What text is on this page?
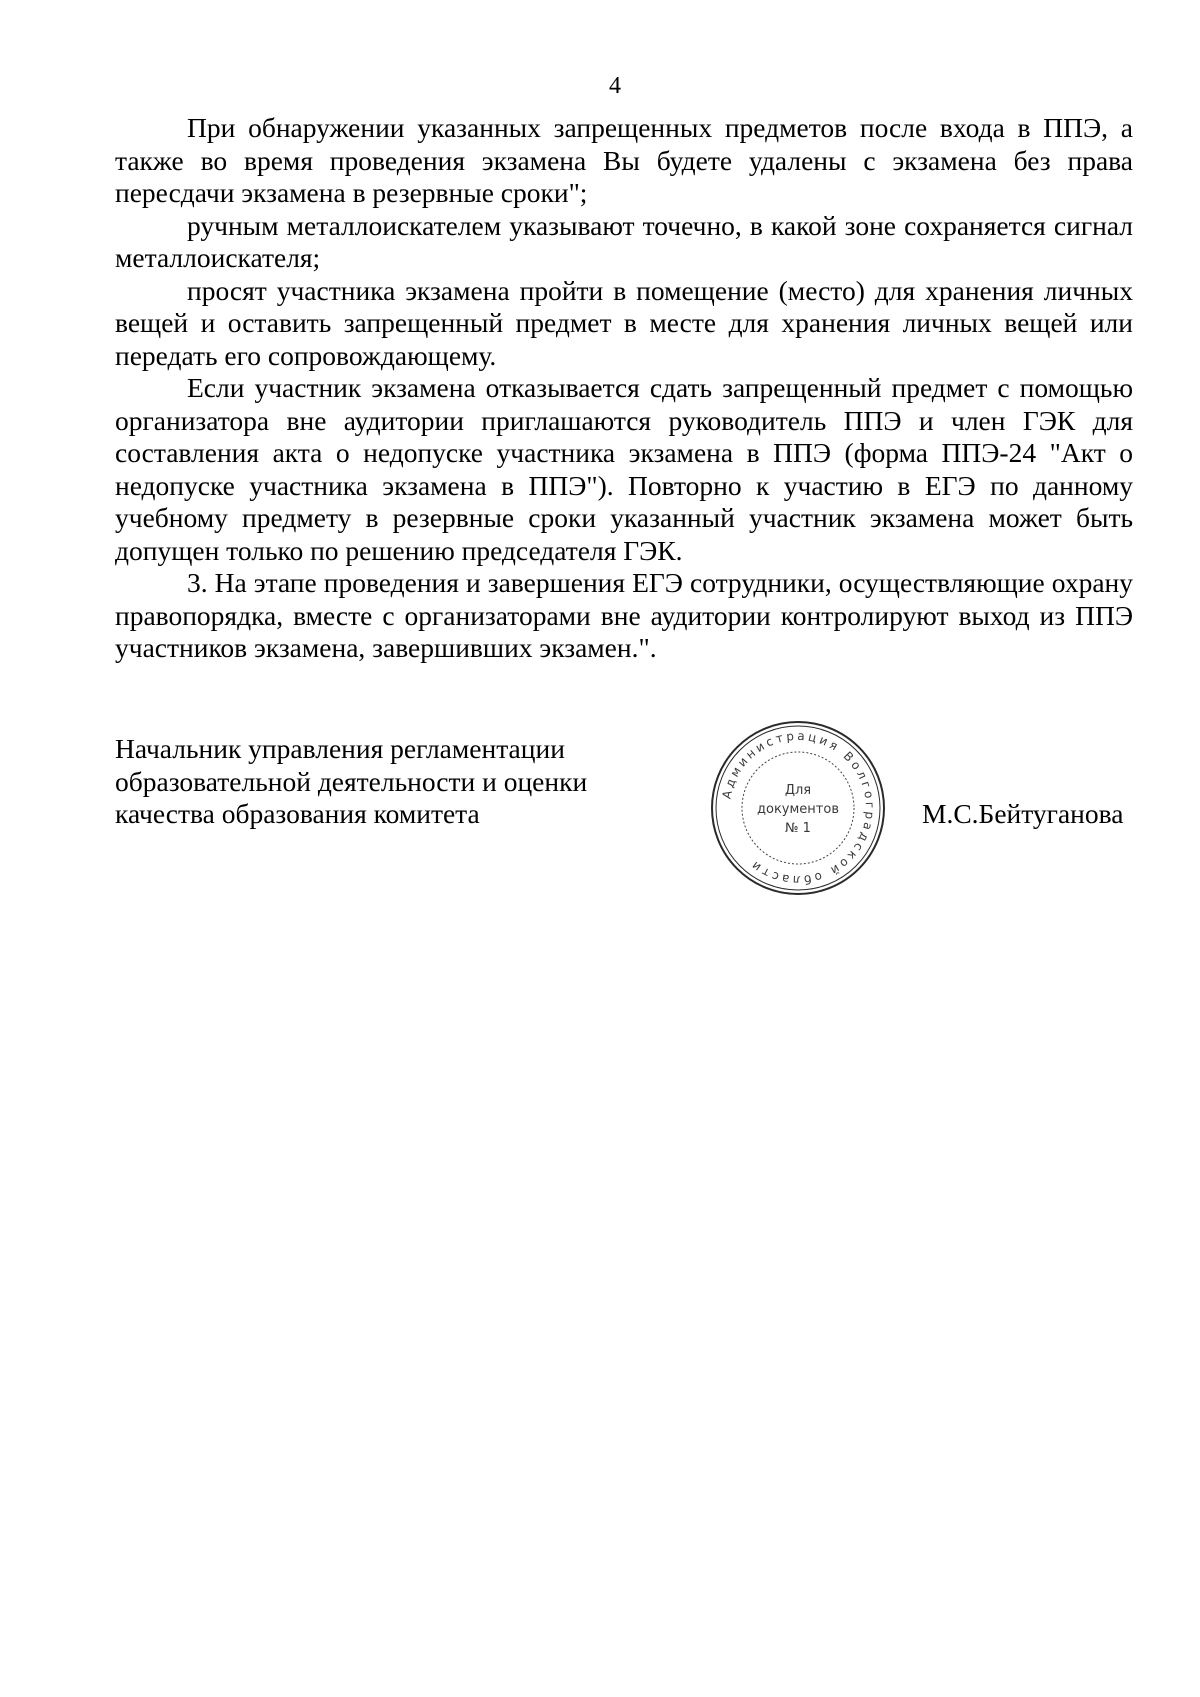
4

При обнаружении указанных запрещенных предметов после входа в ППЭ, а также во время проведения экзамена Вы будете удалены с экзамена без права пересдачи экзамена в резервные сроки";

ручным металлоискателем указывают точечно, в какой зоне сохраняется сигнал металлоискателя;

просят участника экзамена пройти в помещение (место) для хранения личных вещей и оставить запрещенный предмет в месте для хранения личных вещей или передать его сопровождающему.

Если участник экзамена отказывается сдать запрещенный предмет с помощью организатора вне аудитории приглашаются руководитель ППЭ и член ГЭК для составления акта о недопуске участника экзамена в ППЭ (форма ППЭ-24 "Акт о недопуске участника экзамена в ППЭ"). Повторно к участию в ЕГЭ по данному учебному предмету в резервные сроки указанный участник экзамена может быть допущен только по решению председателя ГЭК.

3. На этапе проведения и завершения ЕГЭ сотрудники, осуществляющие охрану правопорядка, вместе с организаторами вне аудитории контролируют выход из ППЭ участников экзамена, завершивших экзамен.".

Начальник управления регламентации
образовательной деятельности и оценки
качества образования комитета
Администрация Волгоградской области
Для
документов
№ 1	М.С.Бейтуганова
